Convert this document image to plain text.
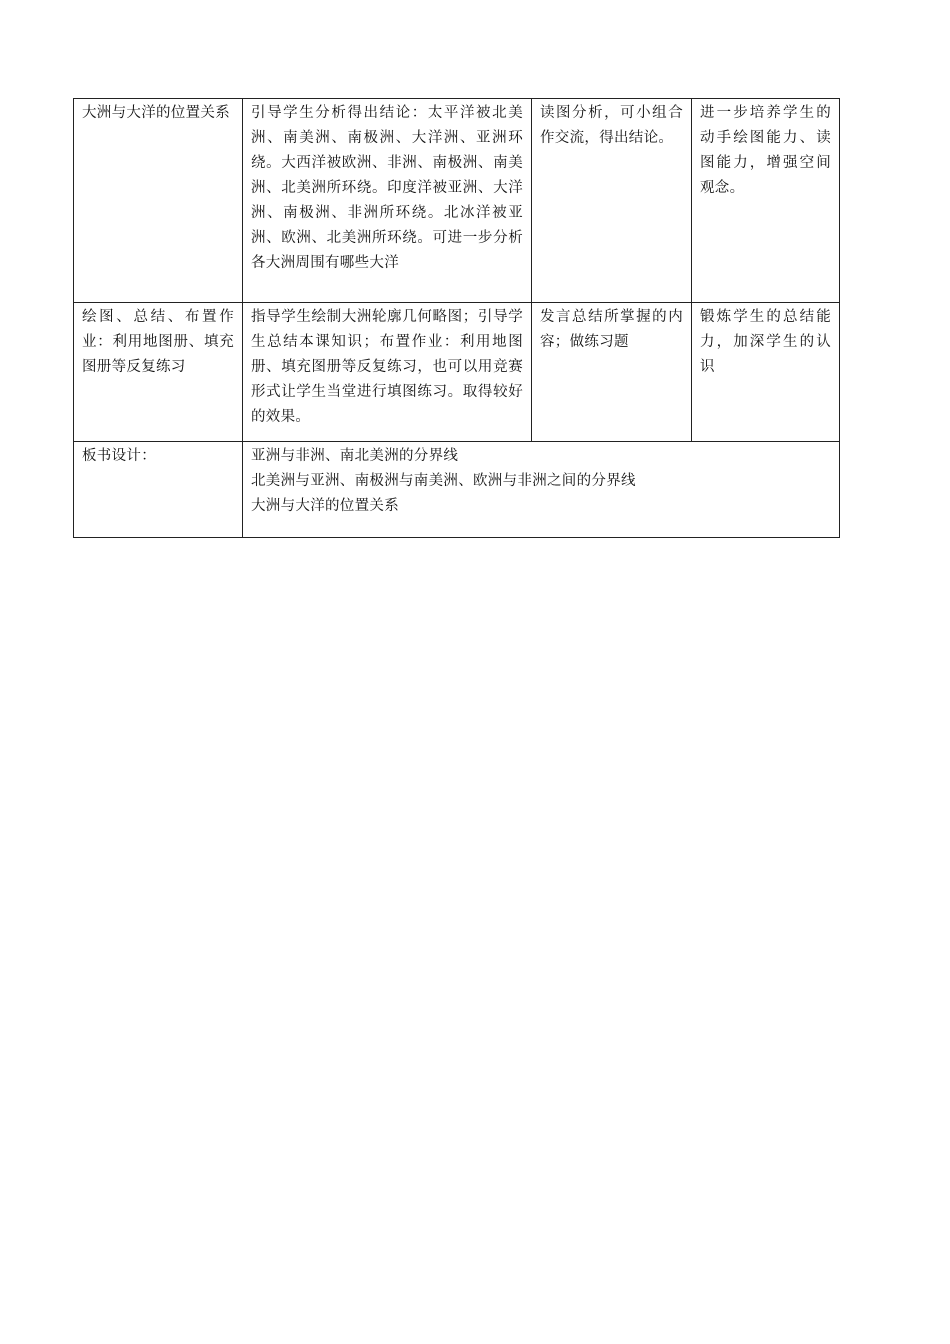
大洲与大洋的位置关系	引导学生分析得出结论：太平洋被北美洲、南美洲、南极洲、大洋洲、亚洲环绕。大西洋被欧洲、非洲、南极洲、南美洲、北美洲所环绕。印度洋被亚洲、大洋洲、南极洲、非洲所环绕。北冰洋被亚洲、欧洲、北美洲所环绕。可进一步分析各大洲周围有哪些大洋	读图分析，可小组合作交流，得出结论。	进一步培养学生的动手绘图能力、读图能力，增强空间观念。
绘图、总结、布置作业：利用地图册、填充图册等反复练习	指导学生绘制大洲轮廓几何略图；引导学生总结本课知识；布置作业：利用地图册、填充图册等反复练习，也可以用竞赛形式让学生当堂进行填图练习。取得较好的效果。	发言总结所掌握的内容；做练习题	锻炼学生的总结能力，加深学生的认识
板书设计：	亚洲与非洲、南北美洲的分界线
北美洲与亚洲、南极洲与南美洲、欧洲与非洲之间的分界线
大洲与大洋的位置关系		
